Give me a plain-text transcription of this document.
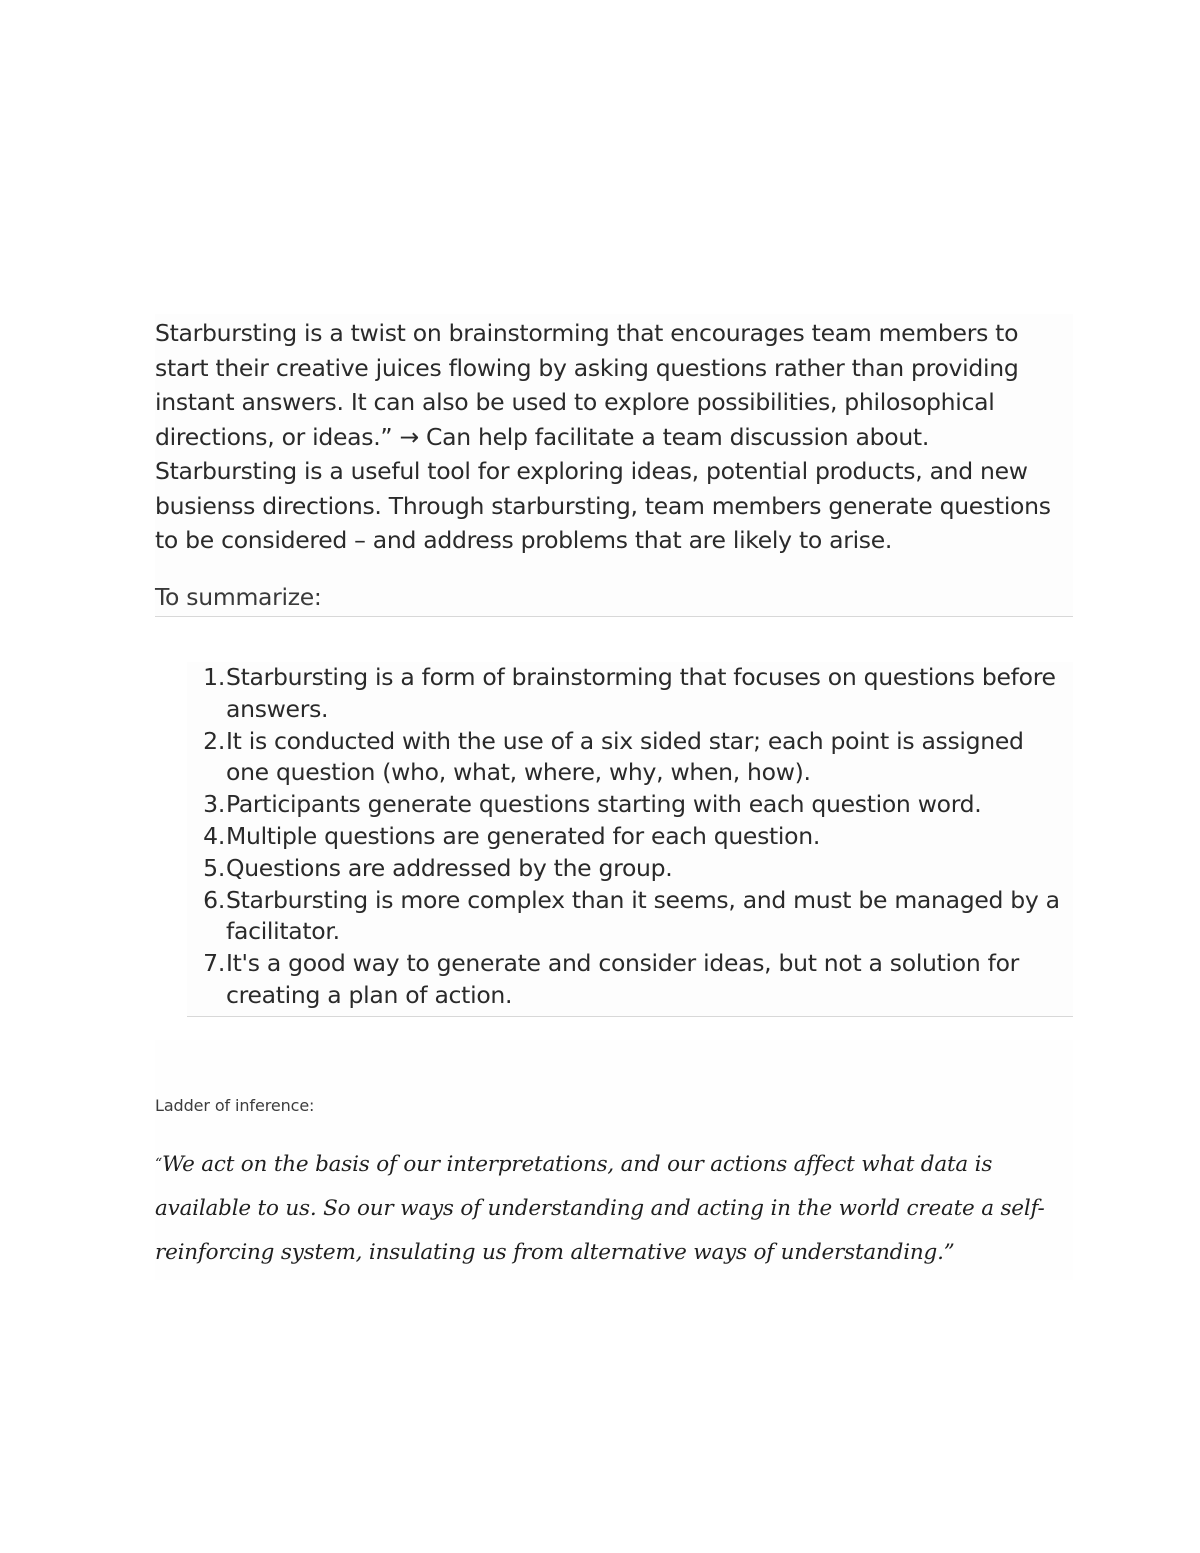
Starbursting is a twist on brainstorming that encourages team members to start their creative juices flowing by asking questions rather than providing instant answers. It can also be used to explore possibilities, philosophical directions, or ideas.” → Can help facilitate a team discussion about. Starbursting is a useful tool for exploring ideas, potential products, and new busienss directions. Through starbursting, team members generate questions to be considered – and address problems that are likely to arise.

To summarize:
1. Starbursting is a form of brainstorming that focuses on questions before answers.
2. It is conducted with the use of a six sided star; each point is assigned one question (who, what, where, why, when, how).
3. Participants generate questions starting with each question word.
4. Multiple questions are generated for each question.
5. Questions are addressed by the group.
6. Starbursting is more complex than it seems, and must be managed by a facilitator.
7. It's a good way to generate and consider ideas, but not a solution for creating a plan of action.
Ladder of inference:

“We act on the basis of our interpretations, and our actions affect what data is available to us. So our ways of understanding and acting in the world create a self-reinforcing system, insulating us from alternative ways of understanding.”
